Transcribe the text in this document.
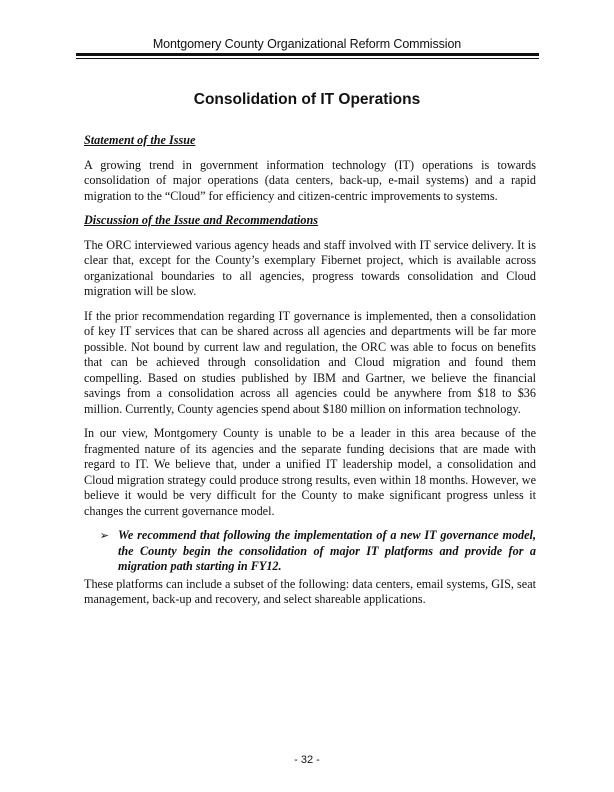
Montgomery County Organizational Reform Commission
Consolidation of IT Operations
Statement of the Issue

A growing trend in government information technology (IT) operations is towards consolidation of major operations (data centers, back-up, e-mail systems) and a rapid migration to the “Cloud” for efficiency and citizen-centric improvements to systems.

Discussion of the Issue and Recommendations

The ORC interviewed various agency heads and staff involved with IT service delivery. It is clear that, except for the County’s exemplary Fibernet project, which is available across organizational boundaries to all agencies, progress towards consolidation and Cloud migration will be slow.

If the prior recommendation regarding IT governance is implemented, then a consolidation of key IT services that can be shared across all agencies and departments will be far more possible. Not bound by current law and regulation, the ORC was able to focus on benefits that can be achieved through consolidation and Cloud migration and found them compelling. Based on studies published by IBM and Gartner, we believe the financial savings from a consolidation across all agencies could be anywhere from $18 to $36 million. Currently, County agencies spend about $180 million on information technology.

In our view, Montgomery County is unable to be a leader in this area because of the fragmented nature of its agencies and the separate funding decisions that are made with regard to IT. We believe that, under a unified IT leadership model, a consolidation and Cloud migration strategy could produce strong results, even within 18 months. However, we believe it would be very difficult for the County to make significant progress unless it changes the current governance model.

➢ We recommend that following the implementation of a new IT governance model, the County begin the consolidation of major IT platforms and provide for a migration path starting in FY12.

These platforms can include a subset of the following: data centers, email systems, GIS, seat management, back-up and recovery, and select shareable applications.

- 32 -
